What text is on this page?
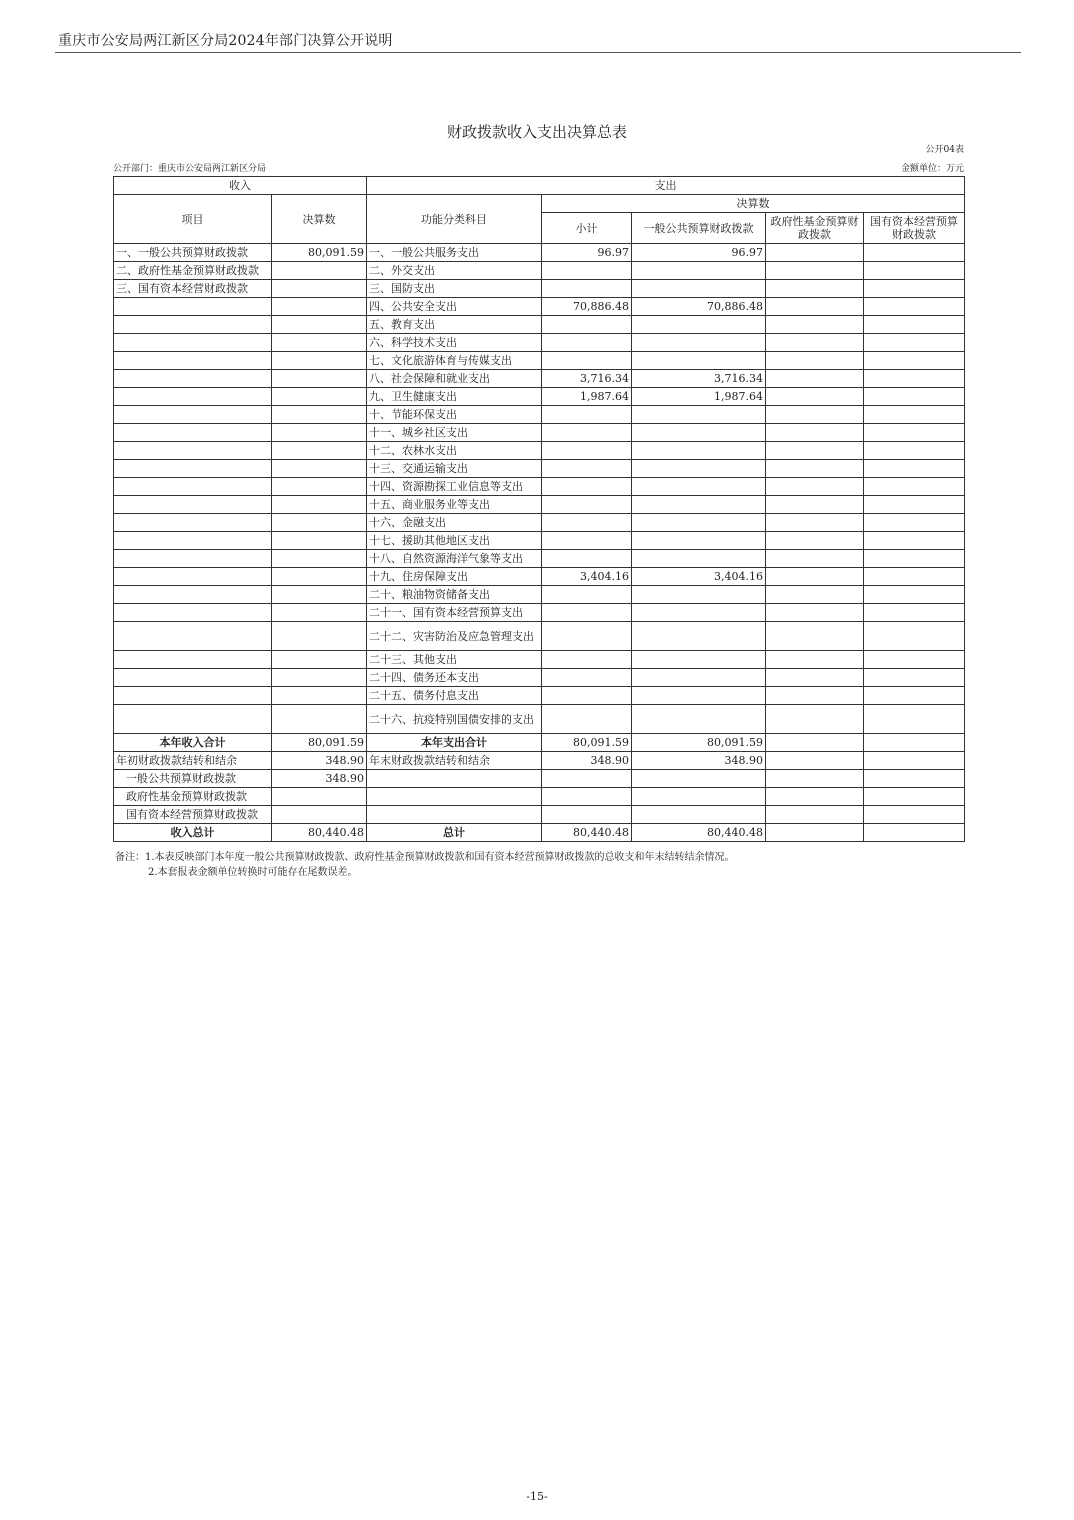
重庆市公安局两江新区分局2024年部门决算公开说明
财政拨款收入支出决算总表
公开04表
公开部门：重庆市公安局两江新区分局	金额单位：万元
收入		支出				
项目	决算数	功能分类科目	决算数			
			小计	一般公共预算财政拨款	政府性基金预算财政拨款	国有资本经营预算财政拨款
一、一般公共预算财政拨款	80,091.59	一、一般公共服务支出	96.97	96.97		
二、政府性基金预算财政拨款		二、外交支出				
三、国有资本经营财政拨款		三、国防支出				
		四、公共安全支出	70,886.48	70,886.48		
		五、教育支出				
		六、科学技术支出				
		七、文化旅游体育与传媒支出				
		八、社会保障和就业支出	3,716.34	3,716.34		
		九、卫生健康支出	1,987.64	1,987.64		
		十、节能环保支出				
		十一、城乡社区支出				
		十二、农林水支出				
		十三、交通运输支出				
		十四、资源勘探工业信息等支出				
		十五、商业服务业等支出				
		十六、金融支出				
		十七、援助其他地区支出				
		十八、自然资源海洋气象等支出				
		十九、住房保障支出	3,404.16	3,404.16		
		二十、粮油物资储备支出				
		二十一、国有资本经营预算支出				
		二十二、灾害防治及应急管理支出				
		二十三、其他支出				
		二十四、债务还本支出				
		二十五、债务付息支出				
		二十六、抗疫特别国债安排的支出				
本年收入合计	80,091.59	本年支出合计	80,091.59	80,091.59		
年初财政拨款结转和结余	348.90	年末财政拨款结转和结余	348.90	348.90		
一般公共预算财政拨款	348.90					
政府性基金预算财政拨款						
国有资本经营预算财政拨款						
收入总计	80,440.48	总计	80,440.48	80,440.48		
备注：1.本表反映部门本年度一般公共预算财政拨款、政府性基金预算财政拨款和国有资本经营预算财政拨款的总收支和年末结转结余情况。
2.本套报表金额单位转换时可能存在尾数误差。
-15-
